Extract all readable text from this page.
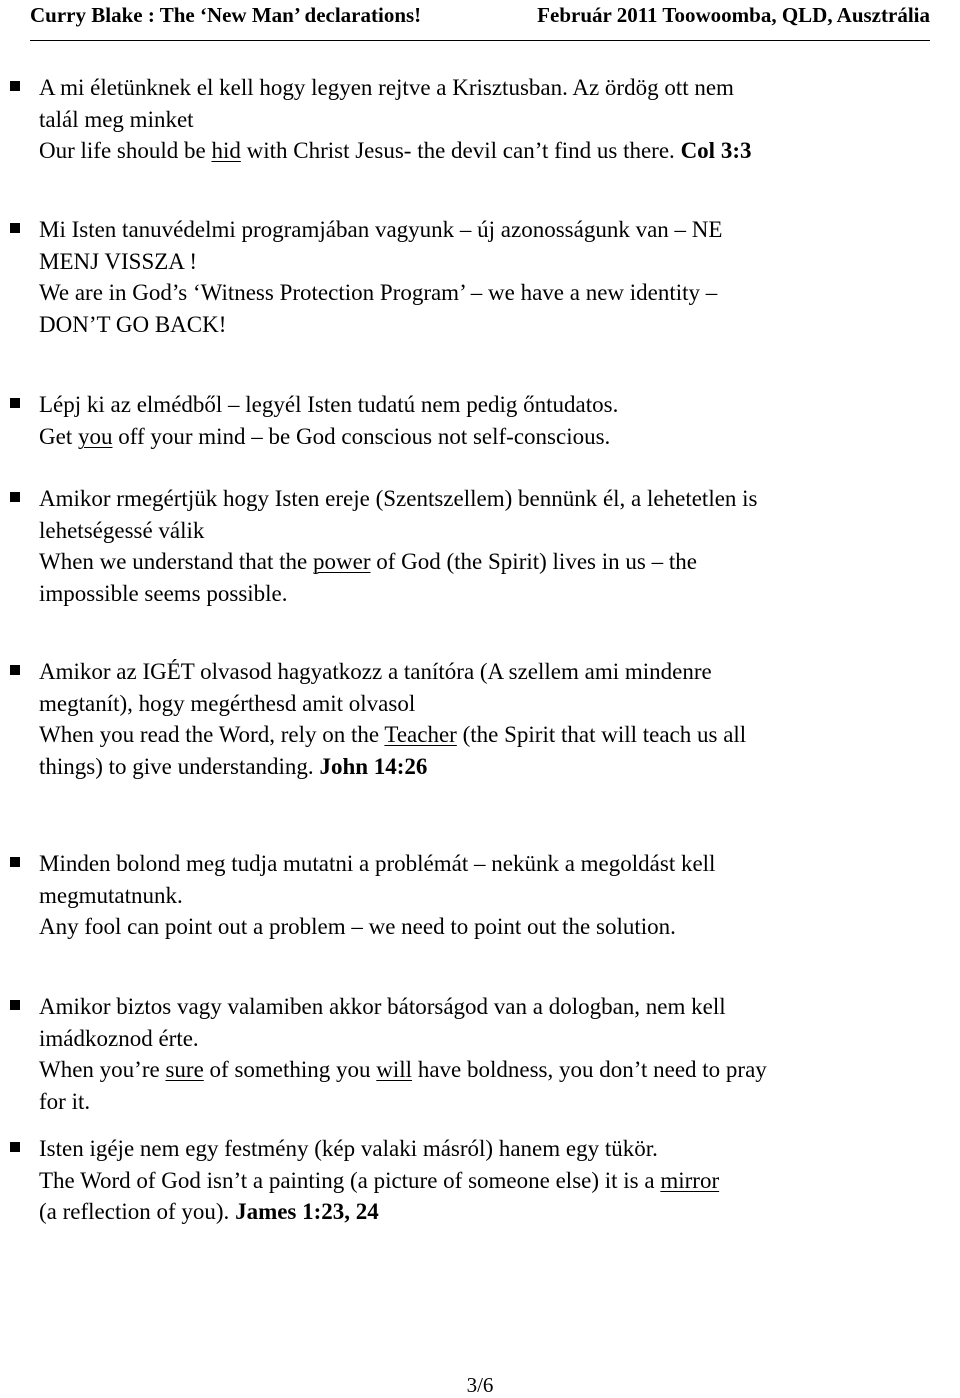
Curry Blake : The ‘New Man’ declarations!	Február 2011 Toowoomba, QLD, Ausztrália
A mi életünknek el kell hogy legyen rejtve a Krisztusban. Az ördög ott nem
talál meg minket
Our life should be hid with Christ Jesus- the devil can’t find us there. Col 3:3
Mi Isten tanuvédelmi programjában vagyunk – új azonosságunk van – NE
MENJ VISSZA !
We are in God’s ‘Witness Protection Program’ – we have a new identity –
DON’T GO BACK!
Lépj ki az elmédből – legyél Isten tudatú nem pedig őntudatos.
Get you off your mind – be God conscious not self-conscious.
Amikor rmegértjük hogy Isten ereje (Szentszellem) bennünk él, a lehetetlen is
lehetségessé válik
When we understand that the power of God (the Spirit) lives in us – the
impossible seems possible.
Amikor az IGÉT olvasod hagyatkozz a tanítóra (A szellem ami mindenre
megtanít), hogy megérthesd amit olvasol
When you read the Word, rely on the Teacher (the Spirit that will teach us all
things) to give understanding. John 14:26
Minden bolond meg tudja mutatni a problémát – nekünk a megoldást kell
megmutatnunk.
Any fool can point out a problem – we need to point out the solution.
Amikor biztos vagy valamiben akkor bátorságod van a dologban, nem kell
imádkoznod érte.
When you’re sure of something you will have boldness, you don’t need to pray
for it.
Isten igéje nem egy festmény (kép valaki másról) hanem egy tükör.
The Word of God isn’t a painting (a picture of someone else) it is a mirror
(a reflection of you). James 1:23, 24
3/6
